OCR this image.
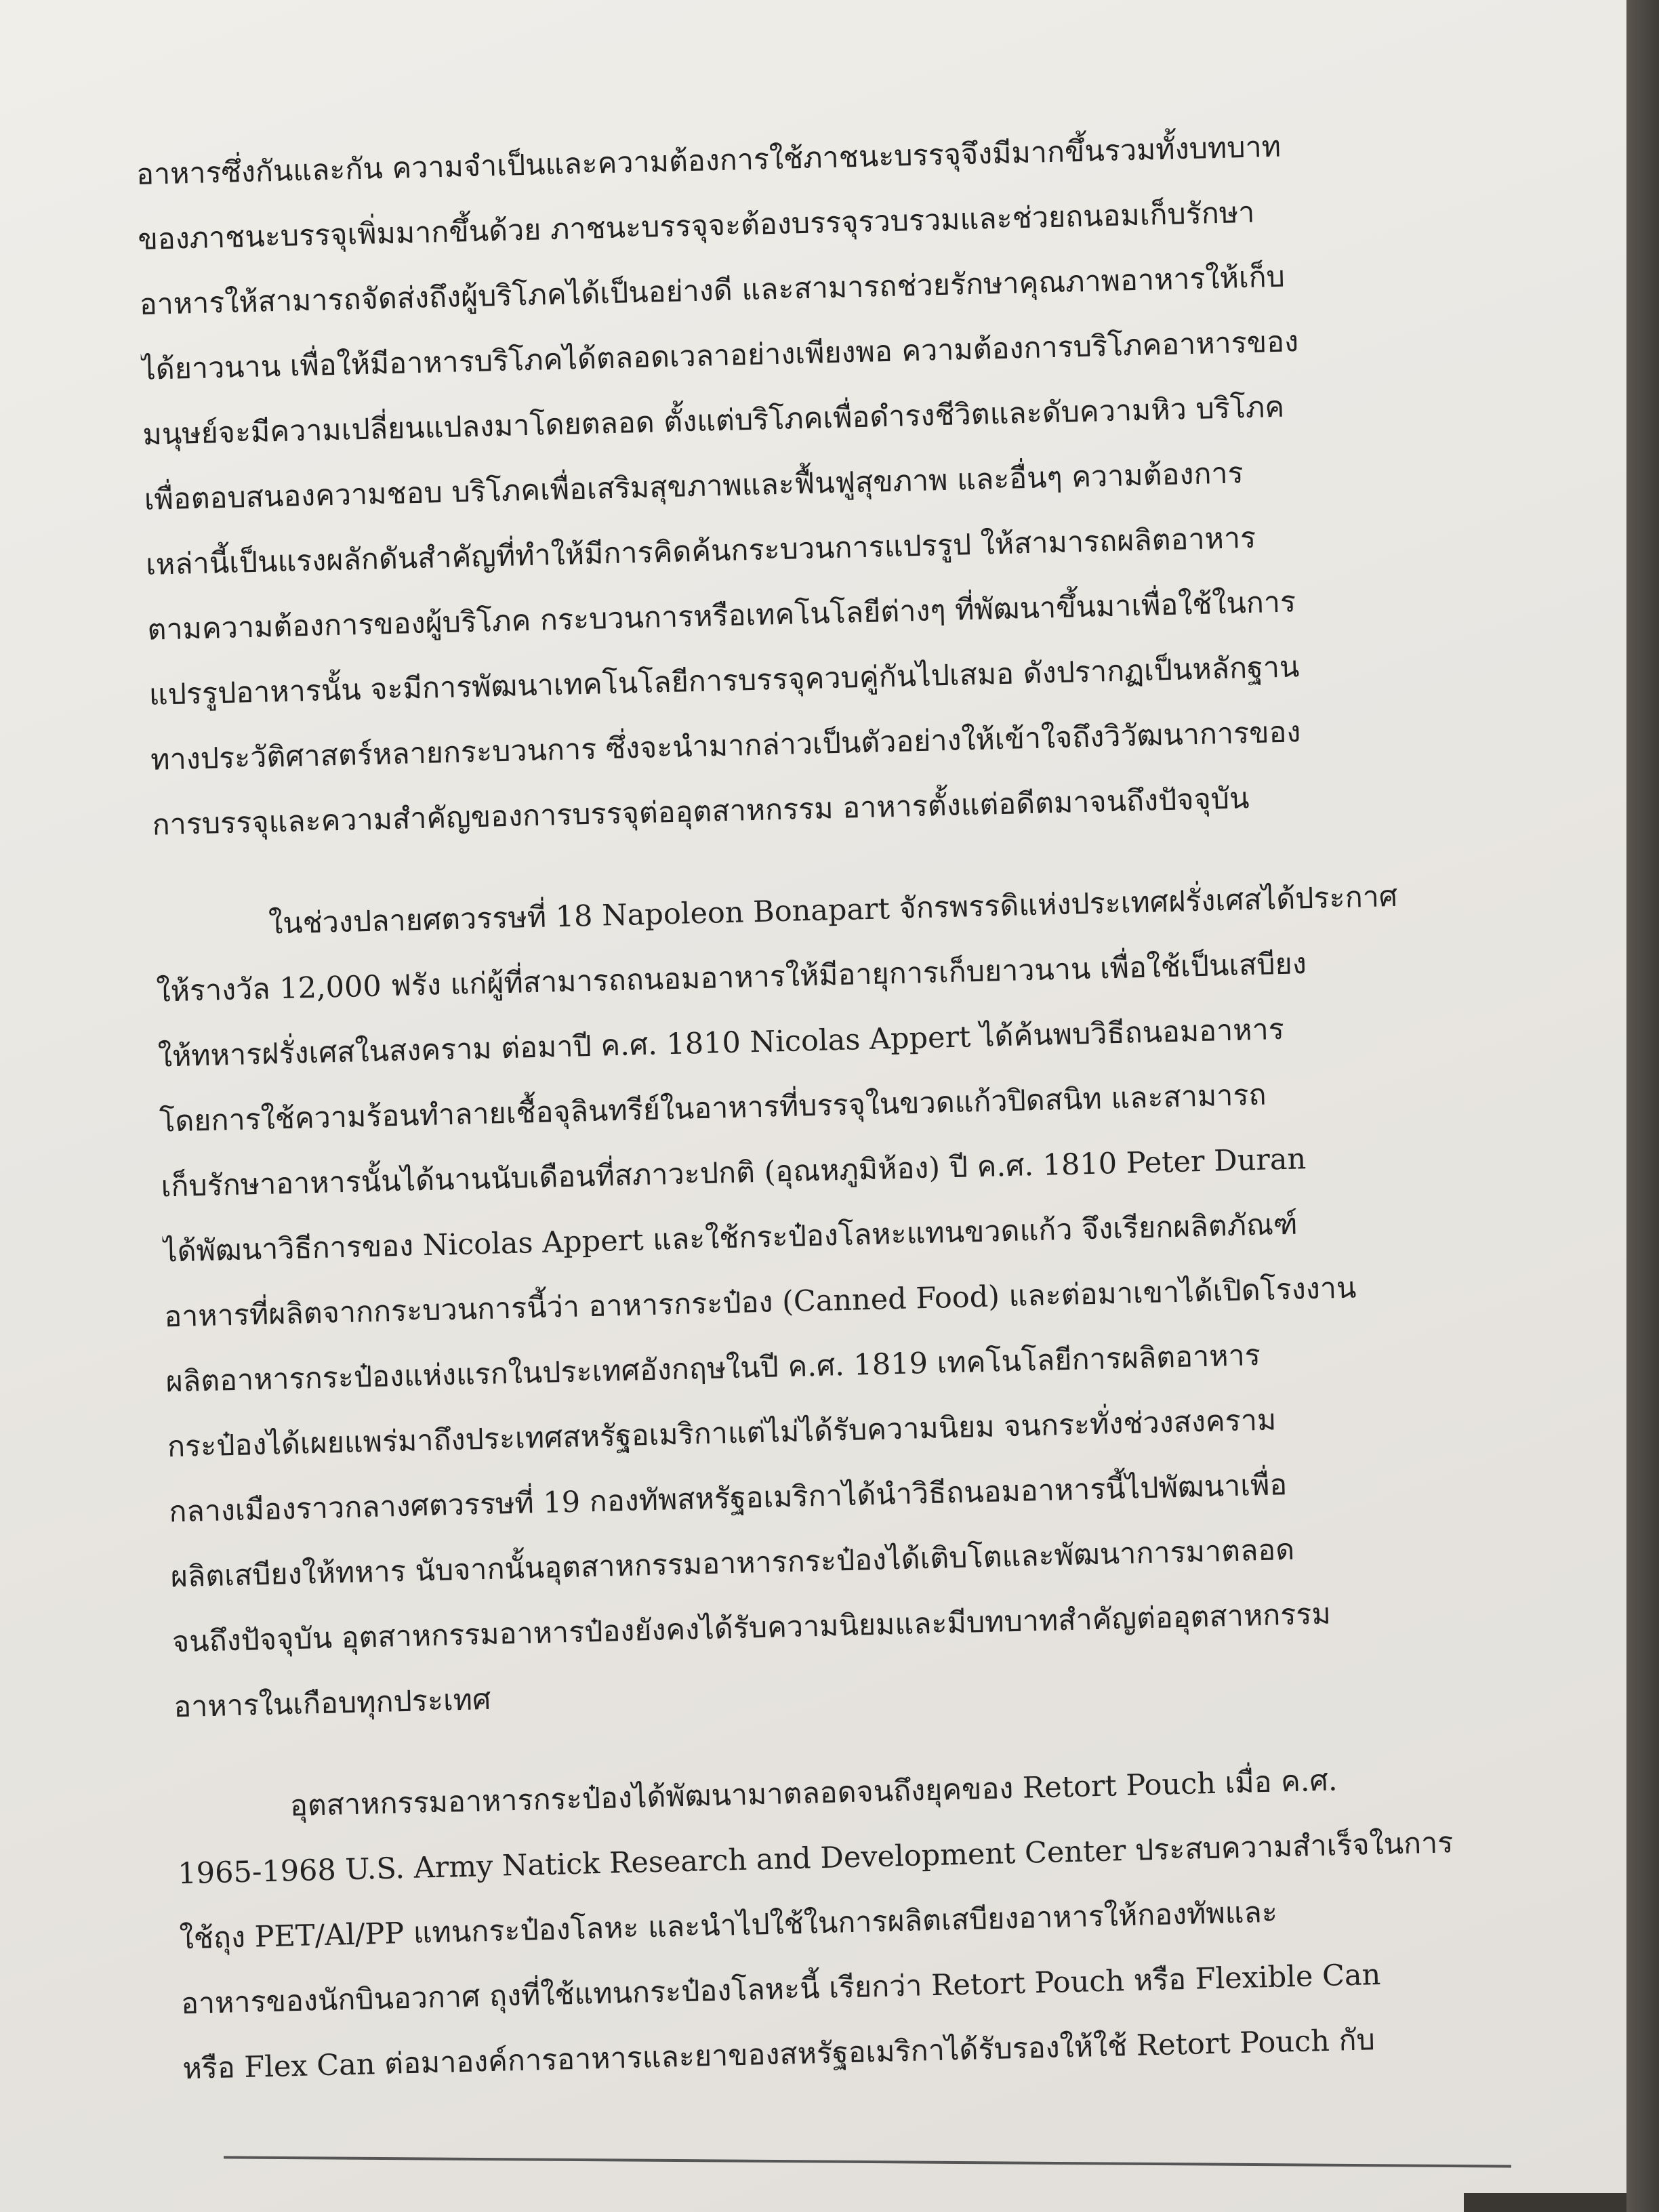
อาหารซึ่งกันและกัน ความจำเป็นและความต้องการใช้ภาชนะบรรจุจึงมีมากขึ้นรวมทั้งบทบาท
ของภาชนะบรรจุเพิ่มมากขึ้นด้วย ภาชนะบรรจุจะต้องบรรจุรวบรวมและช่วยถนอมเก็บรักษา
อาหารให้สามารถจัดส่งถึงผู้บริโภคได้เป็นอย่างดี และสามารถช่วยรักษาคุณภาพอาหารให้เก็บ
ได้ยาวนาน เพื่อให้มีอาหารบริโภคได้ตลอดเวลาอย่างเพียงพอ ความต้องการบริโภคอาหารของ
มนุษย์จะมีความเปลี่ยนแปลงมาโดยตลอด ตั้งแต่บริโภคเพื่อดำรงชีวิตและดับความหิว บริโภค
เพื่อตอบสนองความชอบ บริโภคเพื่อเสริมสุขภาพและฟื้นฟูสุขภาพ และอื่นๆ ความต้องการ
เหล่านี้เป็นแรงผลักดันสำคัญที่ทำให้มีการคิดค้นกระบวนการแปรรูป ให้สามารถผลิตอาหาร
ตามความต้องการของผู้บริโภค กระบวนการหรือเทคโนโลยีต่างๆ ที่พัฒนาขึ้นมาเพื่อใช้ในการ
แปรรูปอาหารนั้น จะมีการพัฒนาเทคโนโลยีการบรรจุควบคู่กันไปเสมอ ดังปรากฏเป็นหลักฐาน
ทางประวัติศาสตร์หลายกระบวนการ ซึ่งจะนำมากล่าวเป็นตัวอย่างให้เข้าใจถึงวิวัฒนาการของ
การบรรจุและความสำคัญของการบรรจุต่ออุตสาหกรรม อาหารตั้งแต่อดีตมาจนถึงปัจจุบัน

ในช่วงปลายศตวรรษที่ 18 Napoleon Bonapart จักรพรรดิแห่งประเทศฝรั่งเศสได้ประกาศ
ให้รางวัล 12,000 ฟรัง แก่ผู้ที่สามารถถนอมอาหารให้มีอายุการเก็บยาวนาน เพื่อใช้เป็นเสบียง
ให้ทหารฝรั่งเศสในสงคราม ต่อมาปี ค.ศ. 1810 Nicolas Appert ได้ค้นพบวิธีถนอมอาหาร
โดยการใช้ความร้อนทำลายเชื้อจุลินทรีย์ในอาหารที่บรรจุในขวดแก้วปิดสนิท และสามารถ
เก็บรักษาอาหารนั้นได้นานนับเดือนที่สภาวะปกติ (อุณหภูมิห้อง) ปี ค.ศ. 1810 Peter Duran
ได้พัฒนาวิธีการของ Nicolas Appert และใช้กระป๋องโลหะแทนขวดแก้ว จึงเรียกผลิตภัณฑ์
อาหารที่ผลิตจากกระบวนการนี้ว่า อาหารกระป๋อง (Canned Food) และต่อมาเขาได้เปิดโรงงาน
ผลิตอาหารกระป๋องแห่งแรกในประเทศอังกฤษในปี ค.ศ. 1819 เทคโนโลยีการผลิตอาหาร
กระป๋องได้เผยแพร่มาถึงประเทศสหรัฐอเมริกาแต่ไม่ได้รับความนิยม จนกระทั่งช่วงสงคราม
กลางเมืองราวกลางศตวรรษที่ 19 กองทัพสหรัฐอเมริกาได้นำวิธีถนอมอาหารนี้ไปพัฒนาเพื่อ
ผลิตเสบียงให้ทหาร นับจากนั้นอุตสาหกรรมอาหารกระป๋องได้เติบโตและพัฒนาการมาตลอด
จนถึงปัจจุบัน อุตสาหกรรมอาหารป๋องยังคงได้รับความนิยมและมีบทบาทสำคัญต่ออุตสาหกรรม
อาหารในเกือบทุกประเทศ

อุตสาหกรรมอาหารกระป๋องได้พัฒนามาตลอดจนถึงยุคของ Retort Pouch เมื่อ ค.ศ.
1965-1968 U.S. Army Natick Research and Development Center ประสบความสำเร็จในการ
ใช้ถุง PET/Al/PP แทนกระป๋องโลหะ และนำไปใช้ในการผลิตเสบียงอาหารให้กองทัพและ
อาหารของนักบินอวกาศ ถุงที่ใช้แทนกระป๋องโลหะนี้ เรียกว่า Retort Pouch หรือ Flexible Can
หรือ Flex Can ต่อมาองค์การอาหารและยาของสหรัฐอเมริกาได้รับรองให้ใช้ Retort Pouch กับ
